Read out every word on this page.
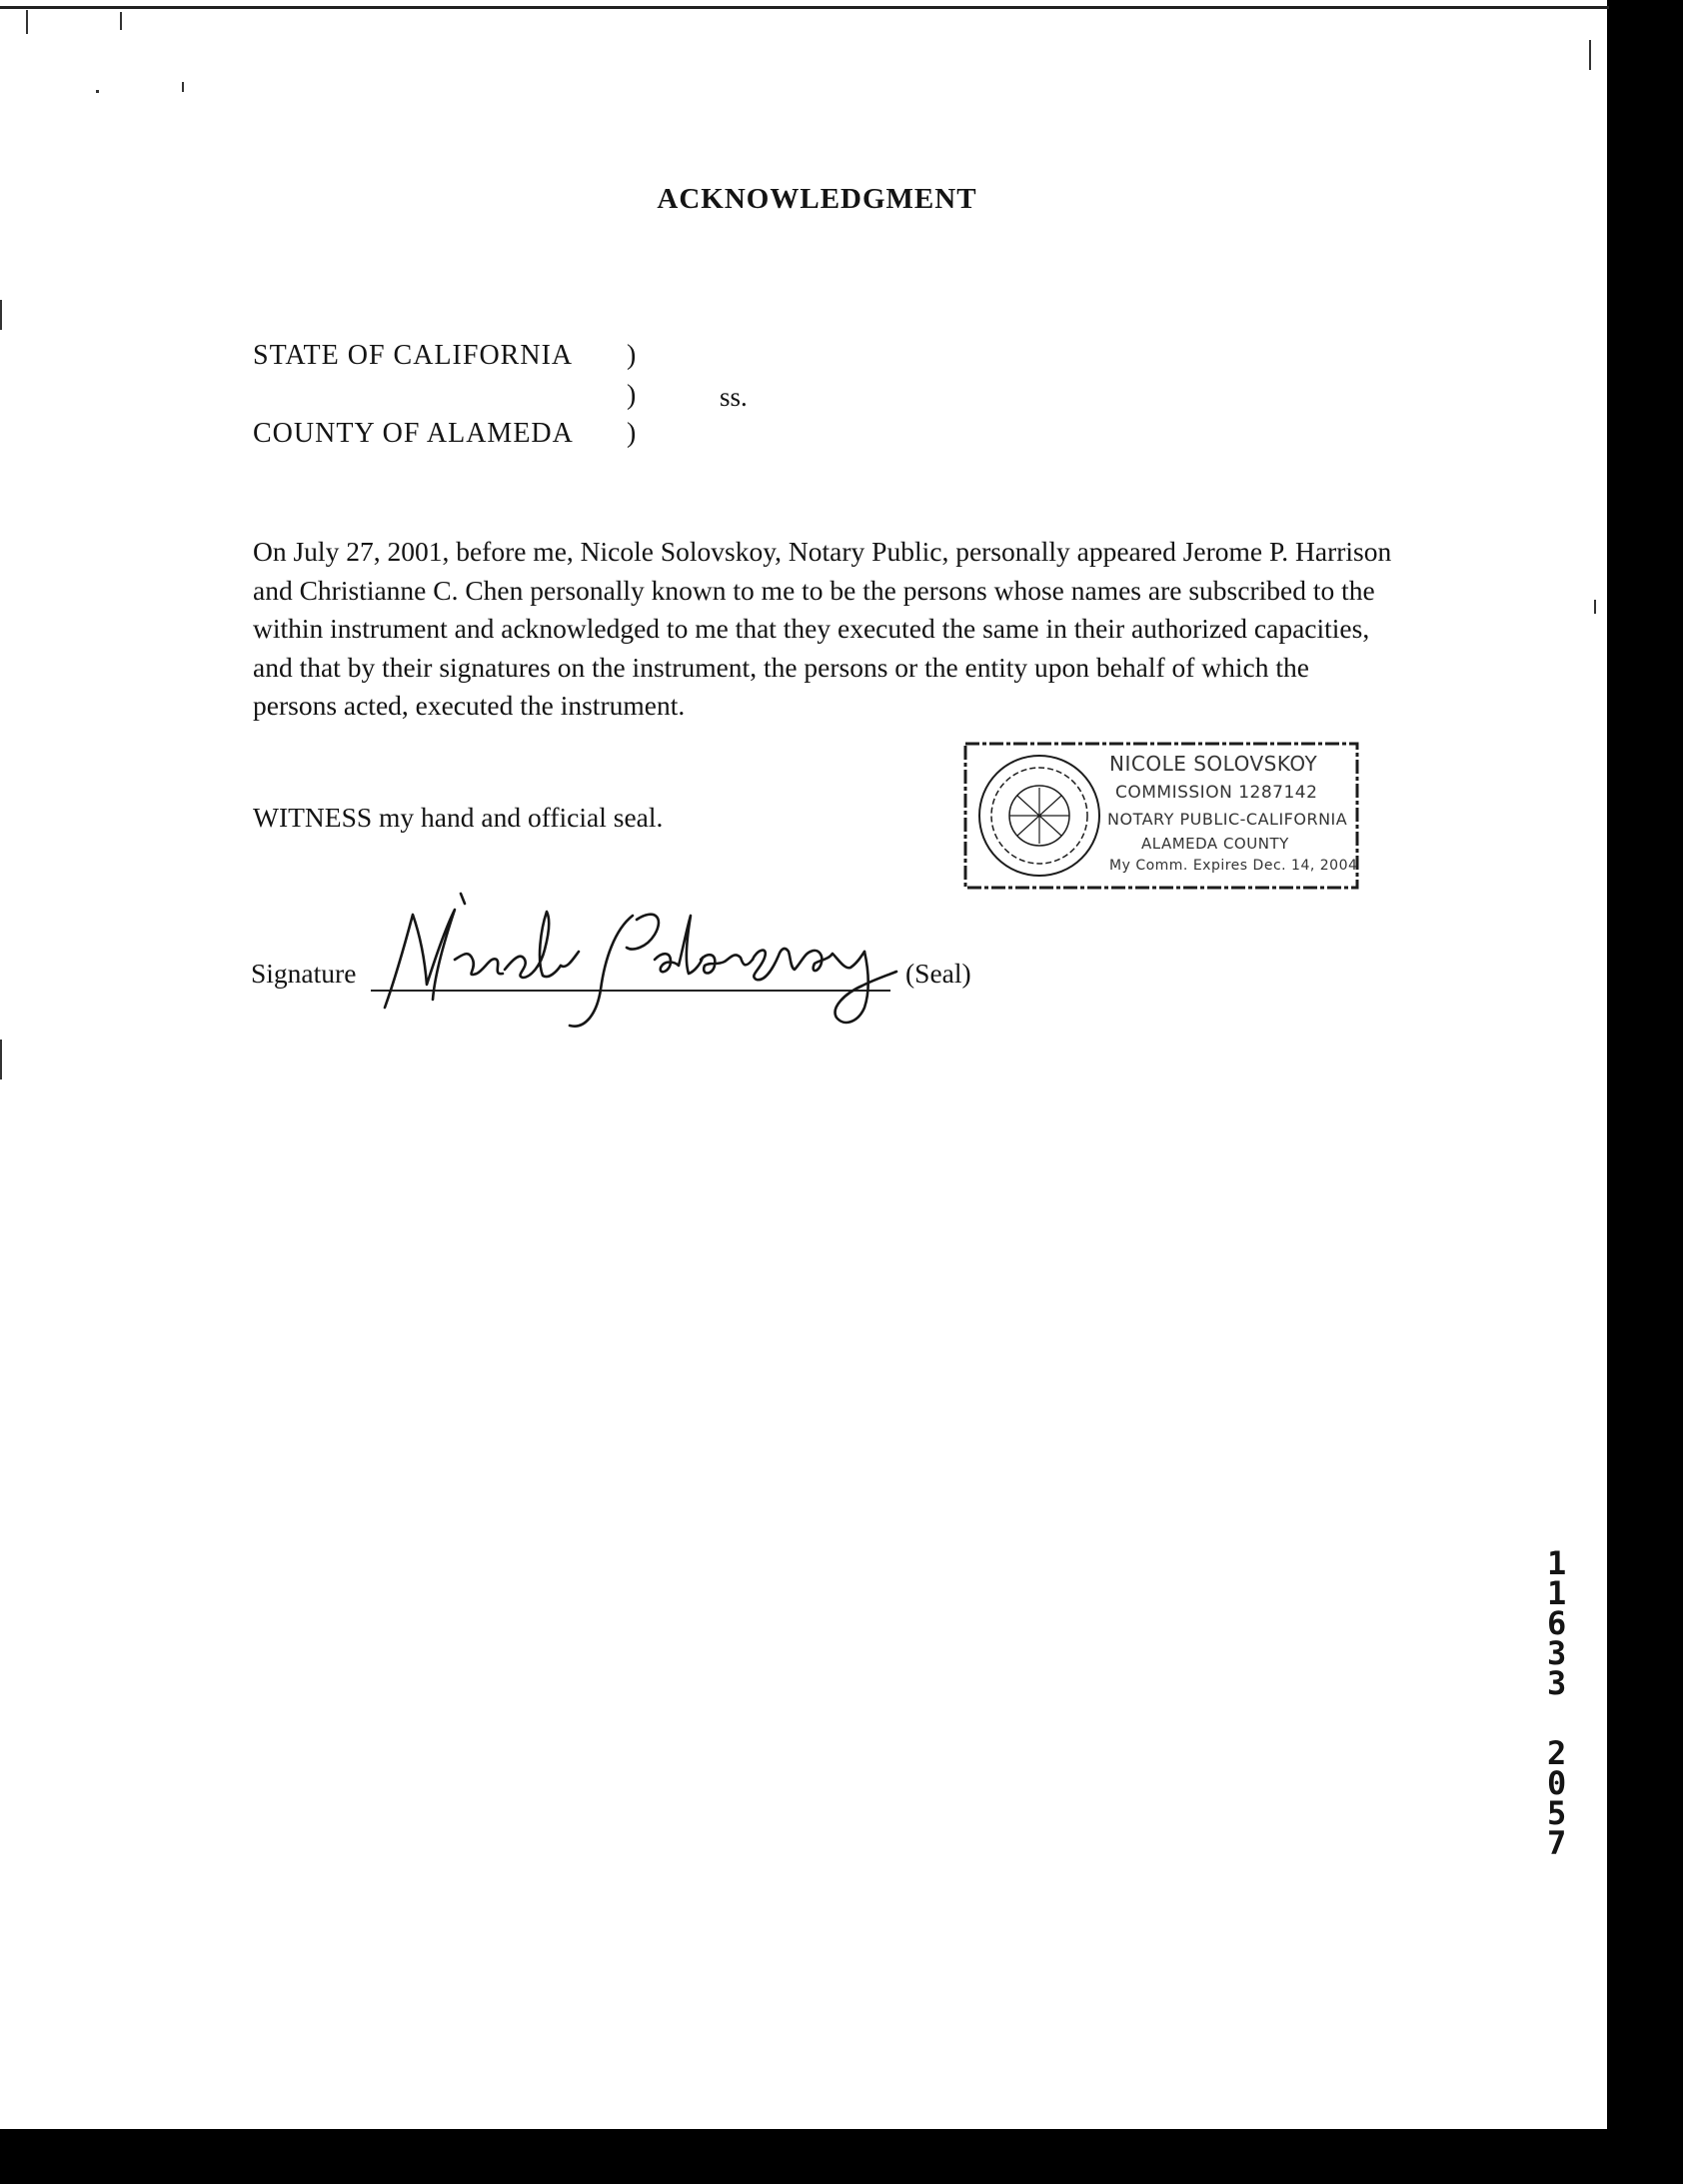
ACKNOWLEDGMENT
STATE OF CALIFORNIA )
)	ss.
COUNTY OF ALAMEDA )

On July 27, 2001, before me, Nicole Solovskoy, Notary Public, personally appeared Jerome P. Harrison and Christianne C. Chen personally known to me to be the persons whose names are subscribed to the within instrument and acknowledged to me that they executed the same in their authorized capacities, and that by their signatures on the instrument, the persons or the entity upon behalf of which the persons acted, executed the instrument.

WITNESS my hand and official seal.
Signature	(Seal)
NICOLE SOLOVSKOY
COMMISSION 1287142
NOTARY PUBLIC-CALIFORNIA
ALAMEDA COUNTY
My Comm. Expires Dec. 14, 2004
1
1
6
3
3
2
0
5
7
